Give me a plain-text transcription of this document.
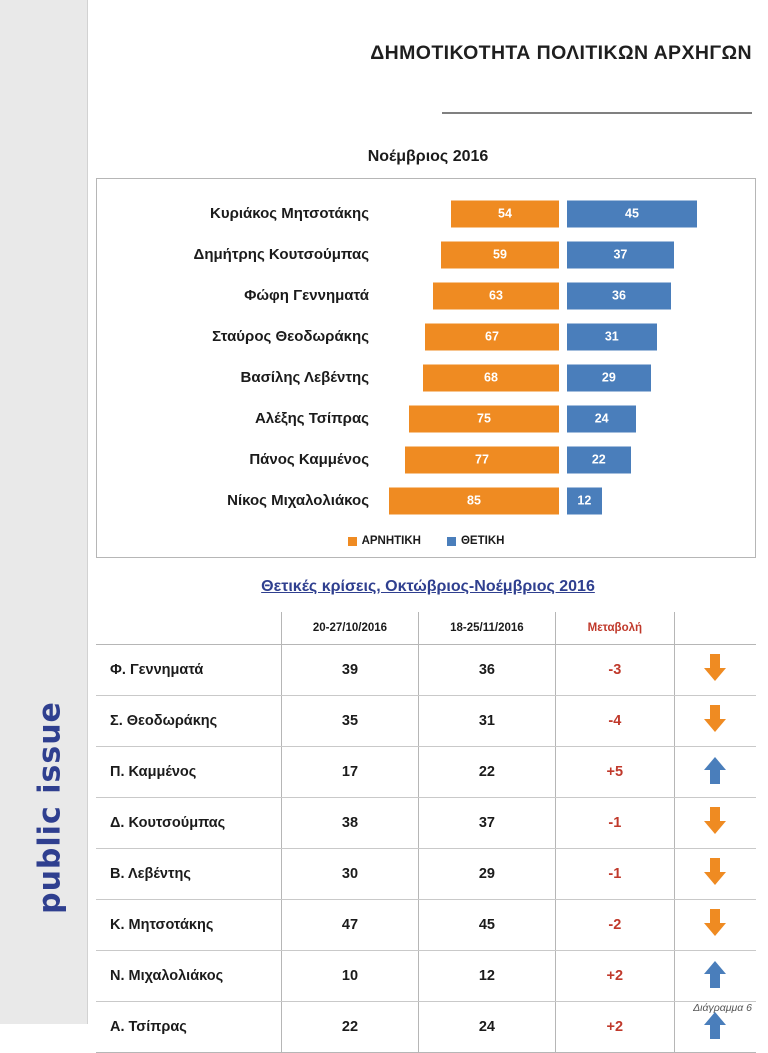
public issue
ΔΗΜΟΤΙΚΟΤΗΤΑ ΠΟΛΙΤΙΚΩΝ ΑΡΧΗΓΩΝ
Νοέμβριος 2016
Κυριάκος Μητσοτάκης	54	45
Δημήτρης Κουτσούμπας	59	37
Φώφη Γεννηματά	63	36
Σταύρος Θεοδωράκης	67	31
Βασίλης Λεβέντης	68	29
Αλέξης Τσίπρας	75	24
Πάνος Καμμένος	77	22
Νίκος Μιχαλολιάκος	85	12
ΑΡΝΗΤΙΚΗ	ΘΕΤΙΚΗ
Θετικές κρίσεις, Οκτώβριος-Νοέμβριος 2016
	20-27/10/2016	18-25/11/2016	Μεταβολή	
Φ. Γεννηματά	39	36	-3	

Σ. Θεοδωράκης	35	31	-4	

Π. Καμμένος	17	22	+5	

Δ. Κουτσούμπας	38	37	-1	

Β. Λεβέντης	30	29	-1	

Κ. Μητσοτάκης	47	45	-2	

Ν. Μιχαλολιάκος	10	12	+2	

Α. Τσίπρας	22	24	+2	
Διάγραμμα 6
